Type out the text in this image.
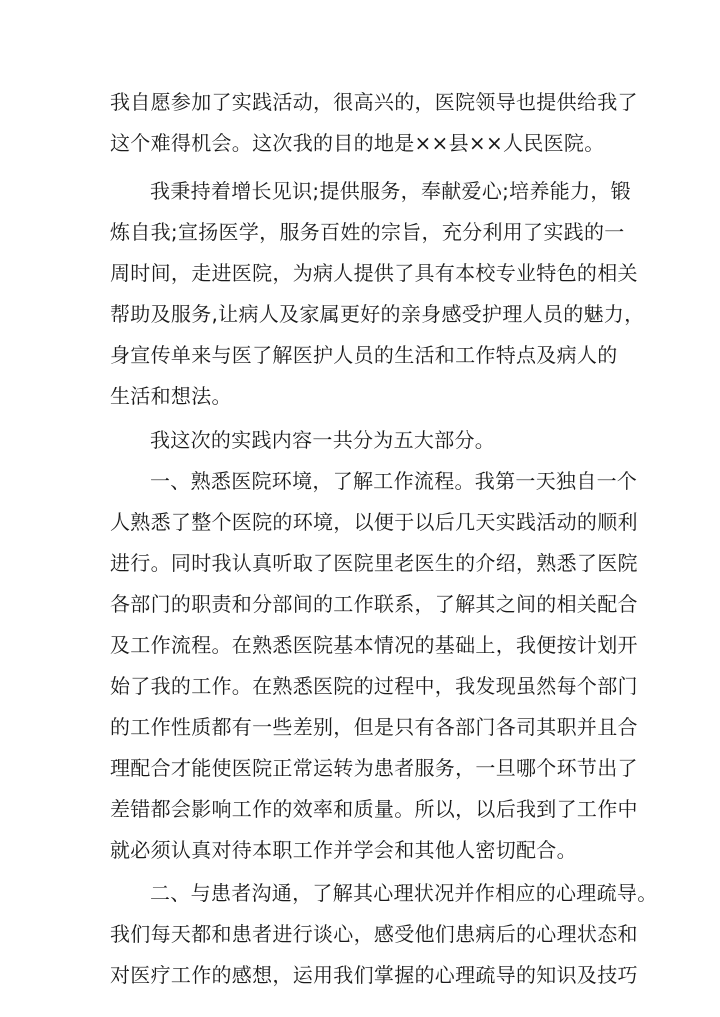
我自愿参加了实践活动，很高兴的，医院领导也提供给我了
这个难得机会。这次我的目的地是××县××人民医院。
我秉持着增长见识;提供服务，奉献爱心;培养能力，锻
炼自我;宣扬医学，服务百姓的宗旨，充分利用了实践的一
周时间，走进医院，为病人提供了具有本校专业特色的相关
帮助及服务,让病人及家属更好的亲身感受护理人员的魅力，
身宣传单来与医了解医护人员的生活和工作特点及病人的
生活和想法。
我这次的实践内容一共分为五大部分。
一、熟悉医院环境，了解工作流程。我第一天独自一个
人熟悉了整个医院的环境，以便于以后几天实践活动的顺利
进行。同时我认真听取了医院里老医生的介绍，熟悉了医院
各部门的职责和分部间的工作联系，了解其之间的相关配合
及工作流程。在熟悉医院基本情况的基础上，我便按计划开
始了我的工作。在熟悉医院的过程中，我发现虽然每个部门
的工作性质都有一些差别，但是只有各部门各司其职并且合
理配合才能使医院正常运转为患者服务，一旦哪个环节出了
差错都会影响工作的效率和质量。所以，以后我到了工作中
就必须认真对待本职工作并学会和其他人密切配合。
二、与患者沟通，了解其心理状况并作相应的心理疏导。
我们每天都和患者进行谈心，感受他们患病后的心理状态和
对医疗工作的感想，运用我们掌握的心理疏导的知识及技巧
